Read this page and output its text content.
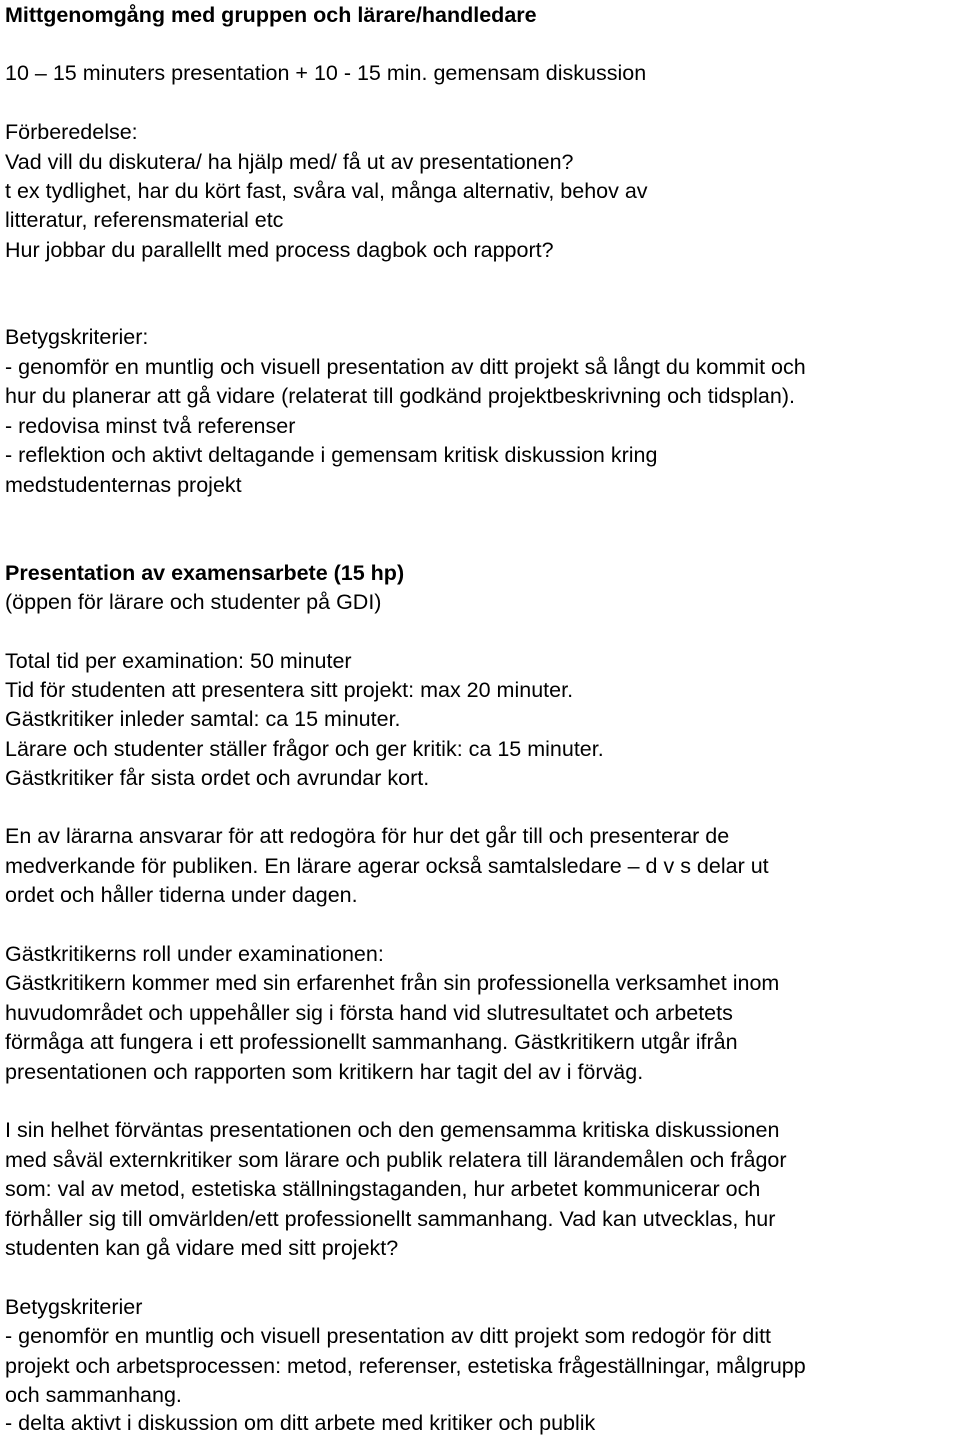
Mittgenomgång med gruppen och lärare/handledare
10 – 15 minuters presentation + 10 - 15 min. gemensam diskussion
Förberedelse:
Vad vill du diskutera/ ha hjälp med/ få ut av presentationen?
t ex tydlighet, har du kört fast, svåra val, många alternativ, behov av
litteratur, referensmaterial etc
Hur jobbar du parallellt med process dagbok och rapport?
Betygskriterier:
- genomför en muntlig och visuell presentation av ditt projekt så långt du kommit och
hur du planerar att gå vidare (relaterat till godkänd projektbeskrivning och tidsplan).
- redovisa minst två referenser
- reflektion och aktivt deltagande i gemensam kritisk diskussion kring
medstudenternas projekt
Presentation av examensarbete (15 hp)
(öppen för lärare och studenter på GDI)
Total tid per examination: 50 minuter
Tid för studenten att presentera sitt projekt: max 20 minuter.
Gästkritiker inleder samtal: ca 15 minuter.
Lärare och studenter ställer frågor och ger kritik: ca 15 minuter.
Gästkritiker får sista ordet och avrundar kort.
En av lärarna ansvarar för att redogöra för hur det går till och presenterar de
medverkande för publiken. En lärare agerar också samtalsledare – d v s delar ut
ordet och håller tiderna under dagen.
Gästkritikerns roll under examinationen:
Gästkritikern kommer med sin erfarenhet från sin professionella verksamhet inom
huvudområdet och uppehåller sig i första hand vid slutresultatet och arbetets
förmåga att fungera i ett professionellt sammanhang. Gästkritikern utgår ifrån
presentationen och rapporten som kritikern har tagit del av i förväg.
I sin helhet förväntas presentationen och den gemensamma kritiska diskussionen
med såväl externkritiker som lärare och publik relatera till lärandemålen och frågor
som: val av metod, estetiska ställningstaganden, hur arbetet kommunicerar och
förhåller sig till omvärlden/ett professionellt sammanhang. Vad kan utvecklas, hur
studenten kan gå vidare med sitt projekt?
Betygskriterier
- genomför en muntlig och visuell presentation av ditt projekt som redogör för ditt
projekt och arbetsprocessen: metod, referenser, estetiska frågeställningar, målgrupp
och sammanhang.
- delta aktivt i diskussion om ditt arbete med kritiker och publik
